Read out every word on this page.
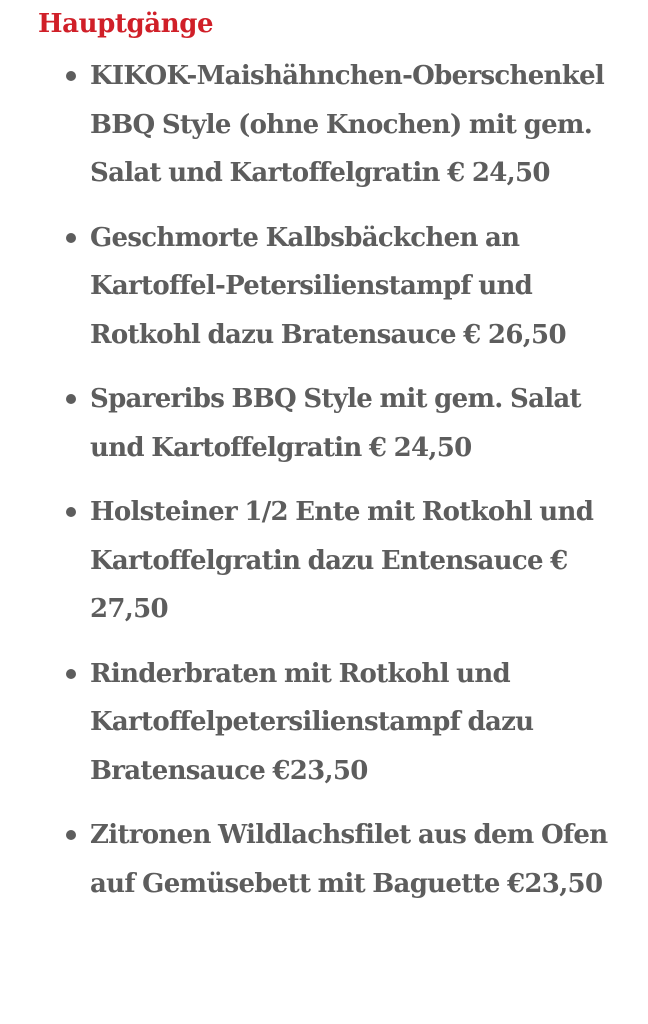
Hauptgänge
KIKOK-Maishähnchen-Oberschenkel BBQ Style (ohne Knochen) mit gem. Salat und Kartoffelgratin € 24,50
Geschmorte Kalbsbäckchen an Kartoffel-Petersilienstampf und Rotkohl dazu Bratensauce € 26,50
Spareribs BBQ Style mit gem. Salat und Kartoffelgratin € 24,50
Holsteiner 1/2 Ente mit Rotkohl und Kartoffelgratin dazu Entensauce € 27,50
Rinderbraten mit Rotkohl und Kartoffelpetersilienstampf dazu Bratensauce €23,50
Zitronen Wildlachsfilet aus dem Ofen auf Gemüsebett mit Baguette €23,50
